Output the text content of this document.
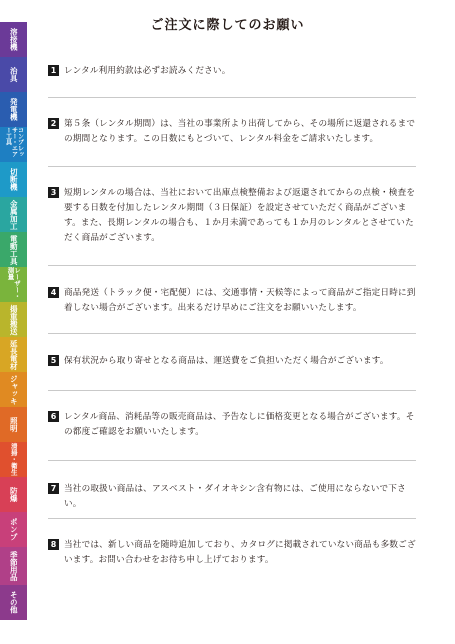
溶接機
治具
発電機
コンプレッサー・エアー工具
切断機
金属加工
電動工具
レーザー・測量
揚重搬送
延長電材
ジャッキ
照明
清掃・衛生
防爆
ポンプ
季節用品
その他
ご注文に際してのお願い
1 レンタル利用約款は必ずお読みください。
2 第５条（レンタル期間）は、当社の事業所より出荷してから、その場所に返還されるまでの期間となります。この日数にもとづいて、レンタル料金をご請求いたします。
3 短期レンタルの場合は、当社において出庫点検整備および返還されてからの点検・検査を要する日数を付加したレンタル期間（３日保証）を設定させていただく商品がございます。また、長期レンタルの場合も、１か月未満であっても１か月のレンタルとさせていただく商品がございます。
4 商品発送（トラック便・宅配便）には、交通事情・天候等によって商品がご指定日時に到着しない場合がございます。出来るだけ早めにご注文をお願いいたします。
5 保有状況から取り寄せとなる商品は、運送費をご負担いただく場合がございます。
6 レンタル商品、消耗品等の販売商品は、予告なしに価格変更となる場合がございます。その都度ご確認をお願いいたします。
7 当社の取扱い商品は、アスベスト・ダイオキシン含有物には、ご使用にならないで下さい。
8 当社では、新しい商品を随時追加しており、カタログに掲載されていない商品も多数ございます。お問い合わせをお待ち申し上げております。
